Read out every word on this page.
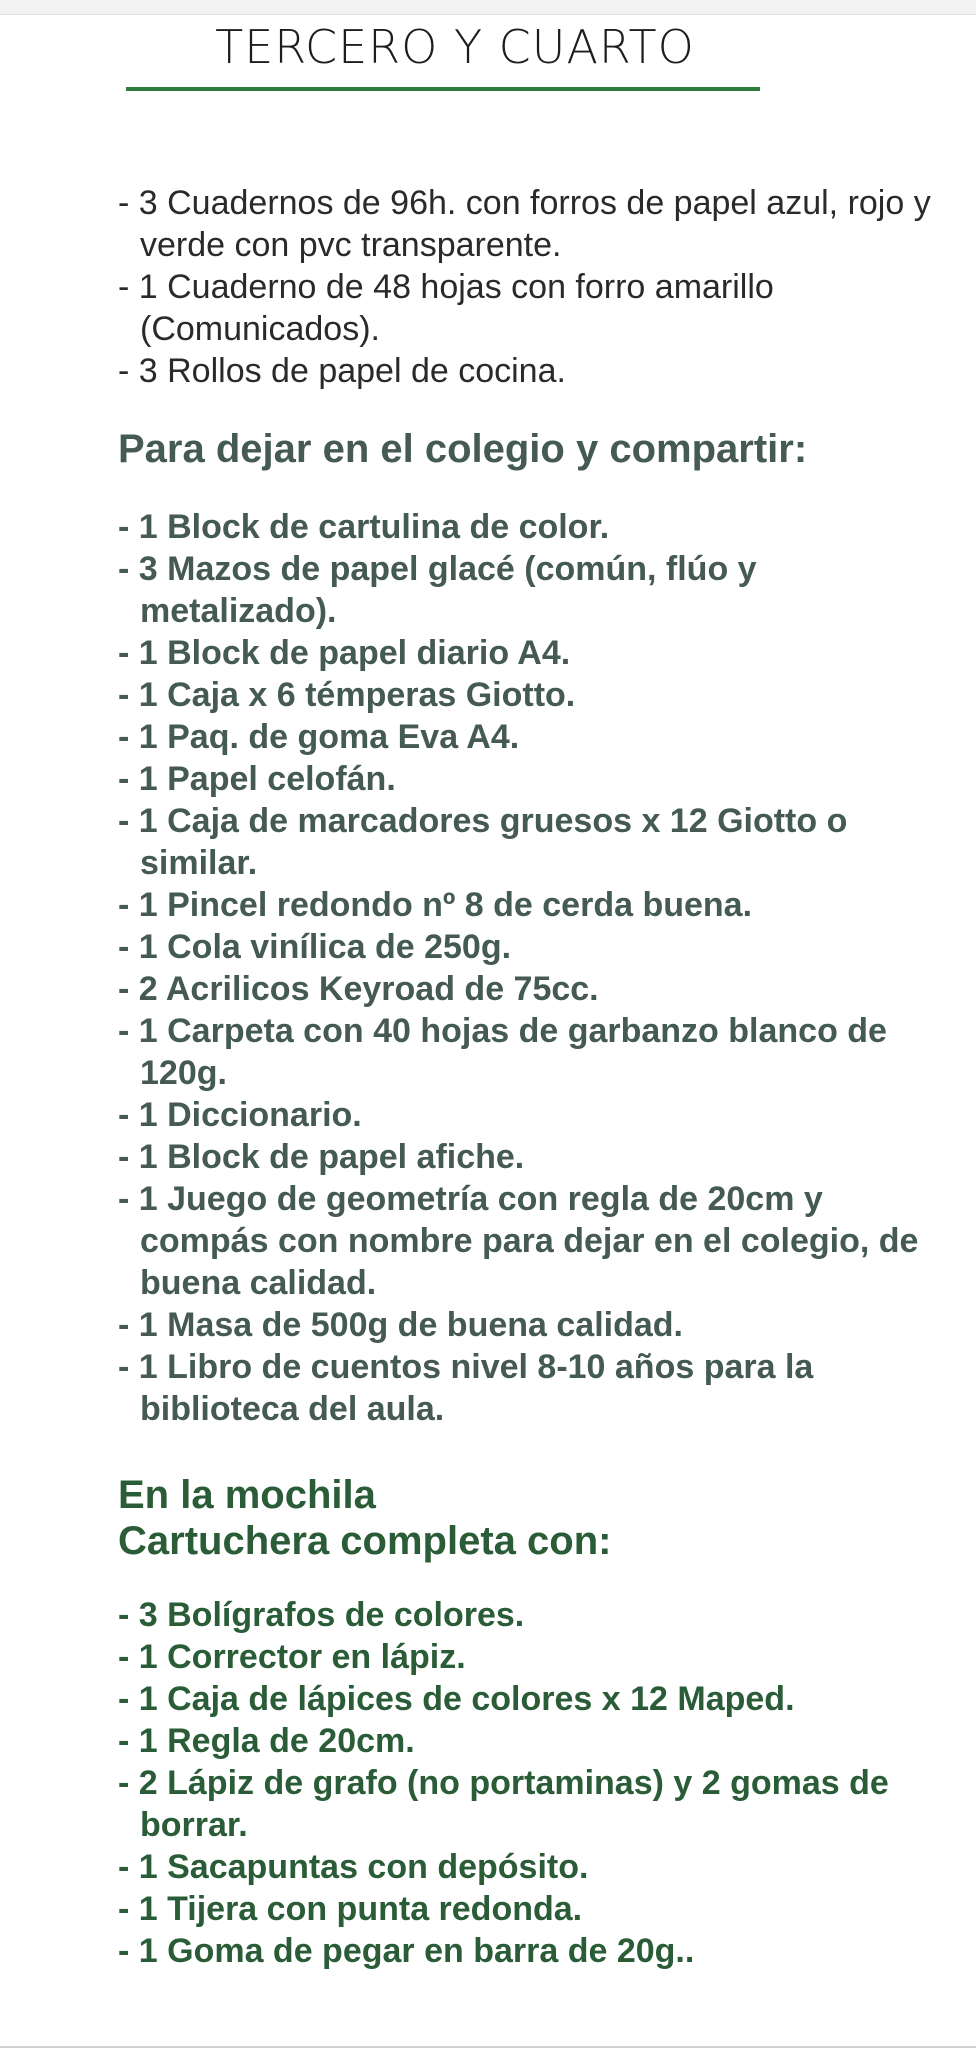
TERCERO Y CUARTO
- 3 Cuadernos de 96h. con forros de papel azul, rojo y verde con pvc transparente.
- 1 Cuaderno de 48 hojas con forro amarillo (Comunicados).
- 3 Rollos de papel de cocina.
Para dejar en el colegio y compartir:
- 1 Block de cartulina de color.
- 3 Mazos de papel glacé (común, flúo y metalizado).
- 1 Block de papel diario A4.
- 1 Caja x 6 témperas Giotto.
- 1 Paq. de goma Eva A4.
- 1 Papel celofán.
- 1 Caja de marcadores gruesos x 12 Giotto o similar.
- 1 Pincel redondo nº 8 de cerda buena.
- 1 Cola vinílica de 250g.
- 2 Acrilicos Keyroad de 75cc.
- 1 Carpeta con 40 hojas de garbanzo blanco de 120g.
- 1 Diccionario.
- 1 Block de papel afiche.
- 1 Juego de geometría con regla de 20cm y compás con nombre para dejar en el colegio, de buena calidad.
- 1 Masa de 500g de buena calidad.
- 1 Libro de cuentos nivel 8-10 años para la biblioteca del aula.
En la mochila
Cartuchera completa con:
- 3 Bolígrafos de colores.
- 1 Corrector en lápiz.
- 1 Caja de lápices de colores x 12 Maped.
- 1 Regla de 20cm.
- 2 Lápiz de grafo (no portaminas) y 2 gomas de borrar.
- 1 Sacapuntas con depósito.
- 1 Tijera con punta redonda.
- 1 Goma de pegar en barra de 20g..
